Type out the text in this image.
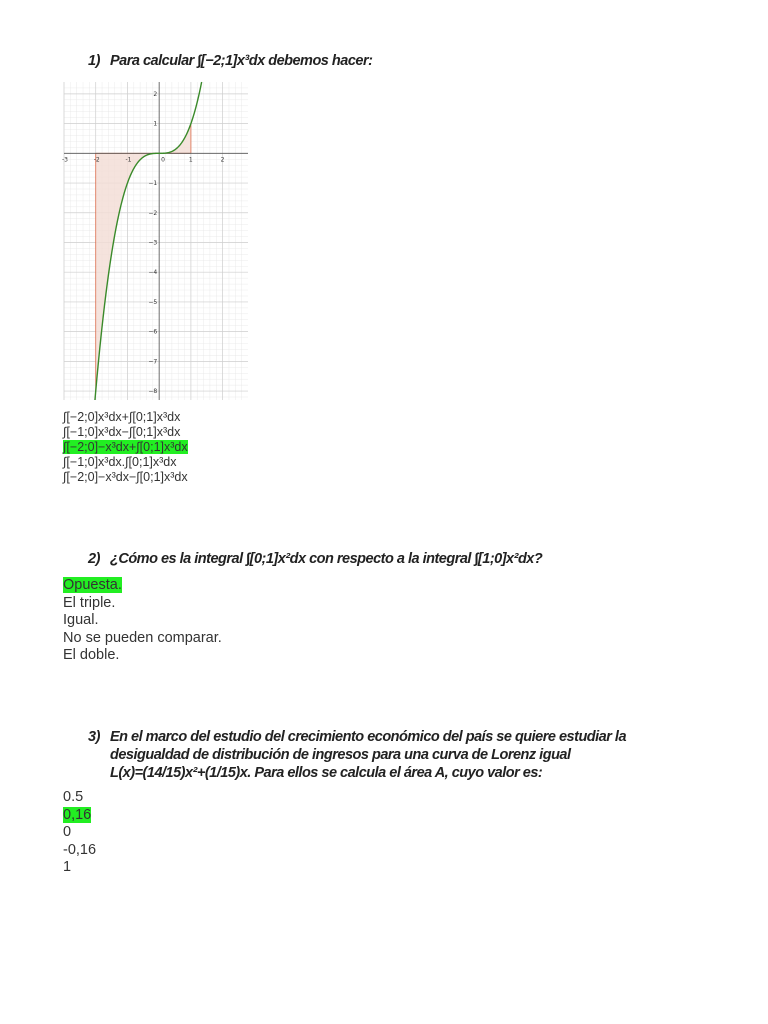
1) Para calcular ∫[−2;1]x³dx debemos hacer:

-3	-2	-1	0	1	2
2
1
−1
−2
−3
−4
−5
−6
−7
−8
∫[−2;0]x³dx+∫[0;1]x³dx
∫[−1;0]x³dx−∫[0;1]x³dx
∫[−2;0]−x³dx+∫[0;1]x³dx
∫[−1;0]x³dx.∫[0;1]x³dx
∫[−2;0]−x³dx−∫[0;1]x³dx

2) ¿Cómo es la integral ∫[0;1]x²dx con respecto a la integral ∫[1;0]x²dx?

Opuesta.
El triple.
Igual.
No se pueden comparar.
El doble.
3) En el marco del estudio del crecimiento económico del país se quiere estudiar la
desigualdad de distribución de ingresos para una curva de Lorenz igual
L(x)=(14/15)x²+(1/15)x. Para ellos se calcula el área A, cuyo valor es:
0.5
0,16
0
-0,16
1
